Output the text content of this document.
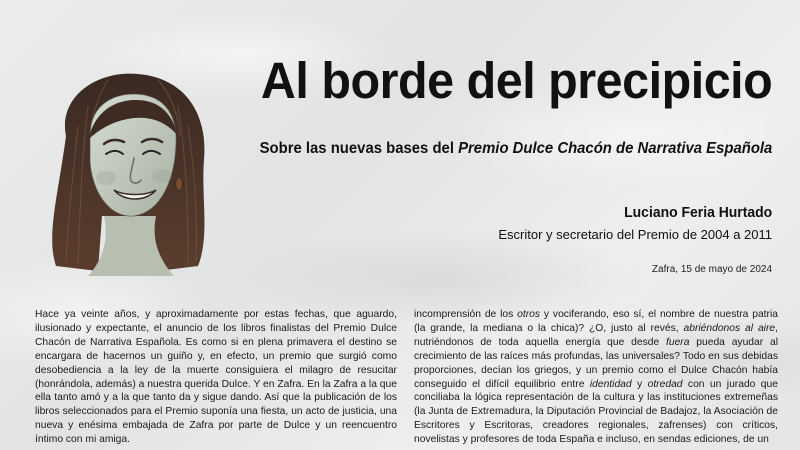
Al borde del precipicio
Sobre las nuevas bases del Premio Dulce Chacón de Narrativa Española
Luciano Feria Hurtado
Escritor y secretario del Premio de 2004 a 2011
Zafra, 15 de mayo de 2024

Hace ya veinte años, y aproximadamente por estas fechas, que aguardo, ilusionado y expectante, el anuncio de los libros finalistas del Premio Dulce Chacón de Narrativa Española. Es como si en plena primavera el destino se encargara de hacernos un guiño y, en efecto, un premio que surgió como desobediencia a la ley de la muerte consiguiera el milagro de resucitar (honrándola, además) a nuestra querida Dulce. Y en Zafra. En la Zafra a la que ella tanto amó y a la que tanto da y sigue dando. Así que la publicación de los libros seleccionados para el Premio suponía una fiesta, un acto de justicia, una nueva y enésima embajada de Zafra por parte de Dulce y un reencuentro íntimo con mi amiga.

incomprensión de los otros y vociferando, eso sí, el nombre de nuestra patria (la grande, la mediana o la chica)? ¿O, justo al revés, abriéndonos al aire, nutriéndonos de toda aquella energía que desde fuera pueda ayudar al crecimiento de las raíces más profundas, las universales? Todo en sus debidas proporciones, decían los griegos, y un premio como el Dulce Chacón había conseguido el difícil equilibrio entre identidad y otredad con un jurado que conciliaba la lógica representación de la cultura y las instituciones extremeñas (la Junta de Extremadura, la Diputación Provincial de Badajoz, la Asociación de Escritores y Escritoras, creadores regionales, zafrenses) con críticos, novelistas y profesores de toda España e incluso, en sendas ediciones, de un
